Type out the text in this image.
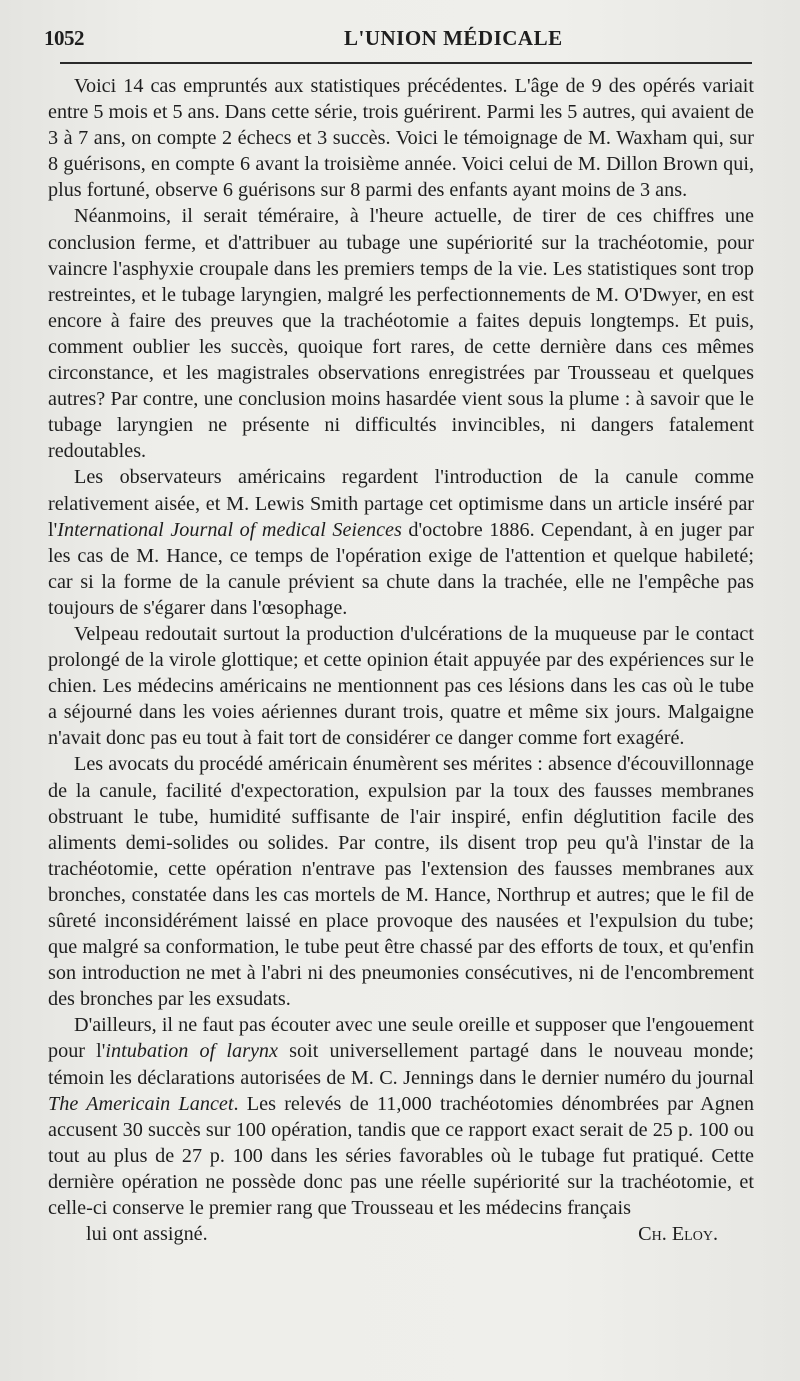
1052	L'UNION MÉDICALE

Voici 14 cas empruntés aux statistiques précédentes. L'âge de 9 des opérés variait entre 5 mois et 5 ans. Dans cette série, trois guérirent. Parmi les 5 autres, qui avaient de 3 à 7 ans, on compte 2 échecs et 3 succès. Voici le témoignage de M. Waxham qui, sur 8 guérisons, en compte 6 avant la troisième année. Voici celui de M. Dillon Brown qui, plus fortuné, observe 6 guérisons sur 8 parmi des enfants ayant moins de 3 ans.

Néanmoins, il serait téméraire, à l'heure actuelle, de tirer de ces chiffres une conclusion ferme, et d'attribuer au tubage une supériorité sur la trachéotomie, pour vaincre l'asphyxie croupale dans les premiers temps de la vie. Les statistiques sont trop restreintes, et le tubage laryngien, malgré les perfectionnements de M. O'Dwyer, en est encore à faire des preuves que la trachéotomie a faites depuis longtemps. Et puis, comment oublier les succès, quoique fort rares, de cette dernière dans ces mêmes circonstance, et les magistrales observations enregistrées par Trousseau et quelques autres? Par contre, une conclusion moins hasardée vient sous la plume : à savoir que le tubage laryngien ne présente ni difficultés invincibles, ni dangers fatalement redoutables.

Les observateurs américains regardent l'introduction de la canule comme relativement aisée, et M. Lewis Smith partage cet optimisme dans un article inséré par l'International Journal of medical Seiences d'octobre 1886. Cependant, à en juger par les cas de M. Hance, ce temps de l'opération exige de l'attention et quelque habileté; car si la forme de la canule prévient sa chute dans la trachée, elle ne l'empêche pas toujours de s'égarer dans l'œsophage.

Velpeau redoutait surtout la production d'ulcérations de la muqueuse par le contact prolongé de la virole glottique; et cette opinion était appuyée par des expériences sur le chien. Les médecins américains ne mentionnent pas ces lésions dans les cas où le tube a séjourné dans les voies aériennes durant trois, quatre et même six jours. Malgaigne n'avait donc pas eu tout à fait tort de considérer ce danger comme fort exagéré.

Les avocats du procédé américain énumèrent ses mérites : absence d'écouvillonnage de la canule, facilité d'expectoration, expulsion par la toux des fausses membranes obstruant le tube, humidité suffisante de l'air inspiré, enfin déglutition facile des aliments demi-solides ou solides. Par contre, ils disent trop peu qu'à l'instar de la trachéotomie, cette opération n'entrave pas l'extension des fausses membranes aux bronches, constatée dans les cas mortels de M. Hance, Northrup et autres; que le fil de sûreté inconsidérément laissé en place provoque des nausées et l'expulsion du tube; que malgré sa conformation, le tube peut être chassé par des efforts de toux, et qu'enfin son introduction ne met à l'abri ni des pneumonies consécutives, ni de l'encombrement des bronches par les exsudats.

D'ailleurs, il ne faut pas écouter avec une seule oreille et supposer que l'engouement pour l'intubation of larynx soit universellement partagé dans le nouveau monde; témoin les déclarations autorisées de M. C. Jennings dans le dernier numéro du journal The Americain Lancet. Les relevés de 11,000 trachéotomies dénombrées par Agnen accusent 30 succès sur 100 opération, tandis que ce rapport exact serait de 25 p. 100 ou tout au plus de 27 p. 100 dans les séries favorables où le tubage fut pratiqué. Cette dernière opération ne possède donc pas une réelle supériorité sur la trachéotomie, et celle-ci conserve le premier rang que Trousseau et les médecins français

lui ont assigné.	Ch. Eloy.
